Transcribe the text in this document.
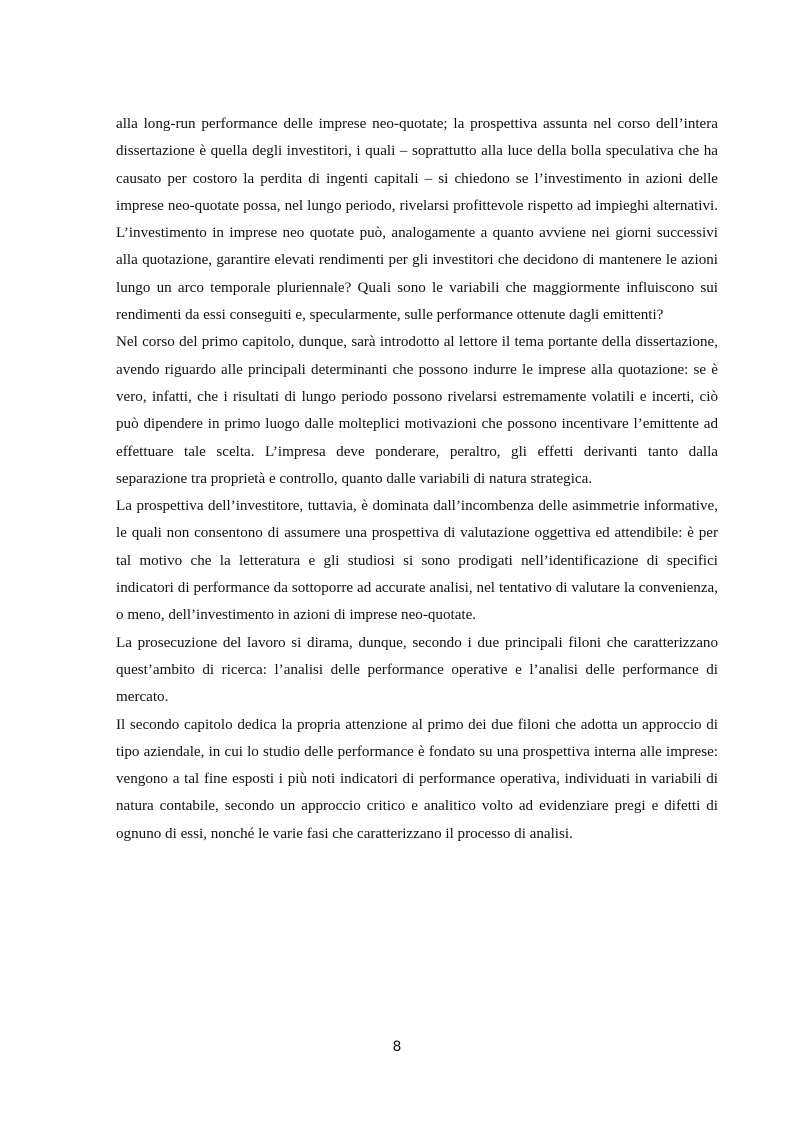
alla long-run performance delle imprese neo-quotate; la prospettiva assunta nel corso dell’intera dissertazione è quella degli investitori, i quali – soprattutto alla luce della bolla speculativa che ha causato per costoro la perdita di ingenti capitali – si chiedono se l’investimento in azioni delle imprese neo-quotate possa, nel lungo periodo, rivelarsi profittevole rispetto ad impieghi alternativi. L’investimento in imprese neo quotate può, analogamente a quanto avviene nei giorni successivi alla quotazione, garantire elevati rendimenti per gli investitori che decidono di mantenere le azioni lungo un arco temporale pluriennale? Quali sono le variabili che maggiormente influiscono sui rendimenti da essi conseguiti e, specularmente, sulle performance ottenute dagli emittenti?

Nel corso del primo capitolo, dunque, sarà introdotto al lettore il tema portante della dissertazione, avendo riguardo alle principali determinanti che possono indurre le imprese alla quotazione: se è vero, infatti, che i risultati di lungo periodo possono rivelarsi estremamente volatili e incerti, ciò può dipendere in primo luogo dalle molteplici motivazioni che possono incentivare l’emittente ad effettuare tale scelta. L’impresa deve ponderare, peraltro, gli effetti derivanti tanto dalla separazione tra proprietà e controllo, quanto dalle variabili di natura strategica.

La prospettiva dell’investitore, tuttavia, è dominata dall’incombenza delle asimmetrie informative, le quali non consentono di assumere una prospettiva di valutazione oggettiva ed attendibile: è per tal motivo che la letteratura e gli studiosi si sono prodigati nell’identificazione di specifici indicatori di performance da sottoporre ad accurate analisi, nel tentativo di valutare la convenienza, o meno, dell’investimento in azioni di imprese neo-quotate.

La prosecuzione del lavoro si dirama, dunque, secondo i due principali filoni che caratterizzano quest’ambito di ricerca: l’analisi delle performance operative e l’analisi delle performance di mercato.

Il secondo capitolo dedica la propria attenzione al primo dei due filoni che adotta un approccio di tipo aziendale, in cui lo studio delle performance è fondato su una prospettiva interna alle imprese: vengono a tal fine esposti i più noti indicatori di performance operativa, individuati in variabili di natura contabile, secondo un approccio critico e analitico volto ad evidenziare pregi e difetti di ognuno di essi, nonché le varie fasi che caratterizzano il processo di analisi.

8
